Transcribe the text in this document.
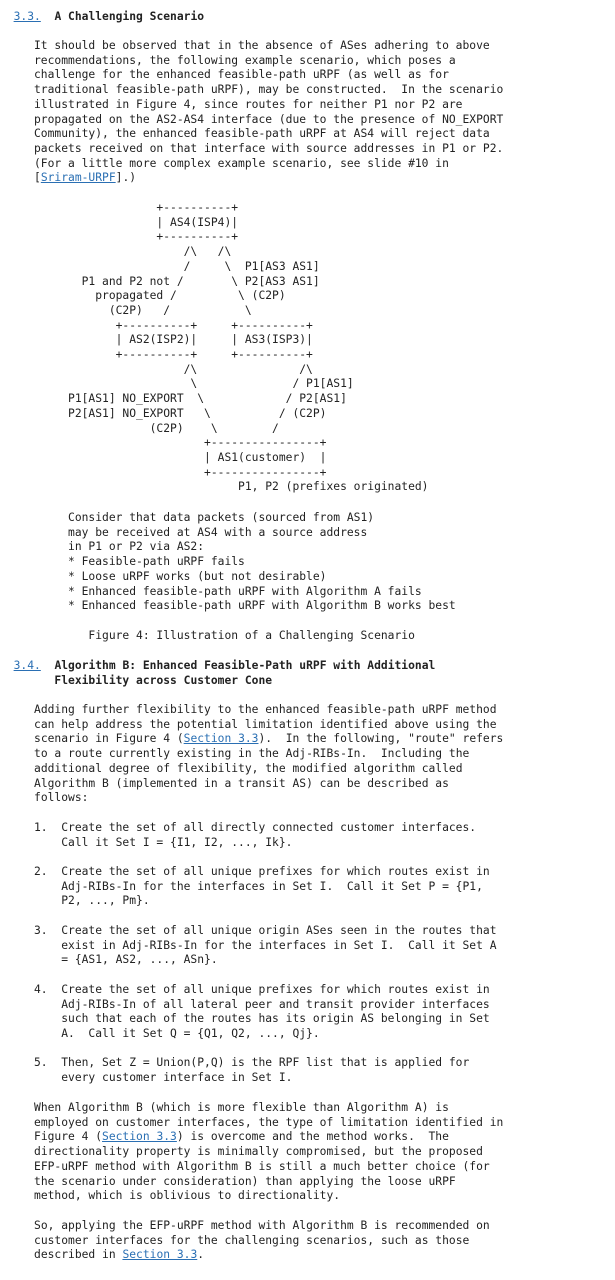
3.3. A Challenging Scenario
It should be observed that in the absence of ASes adhering to above
recommendations, the following example scenario, which poses a
challenge for the enhanced feasible-path uRPF (as well as for
traditional feasible-path uRPF), may be constructed.  In the scenario
illustrated in Figure 4, since routes for neither P1 nor P2 are
propagated on the AS2-AS4 interface (due to the presence of NO_EXPORT
Community), the enhanced feasible-path uRPF at AS4 will reject data
packets received on that interface with source addresses in P1 or P2.
(For a little more complex example scenario, see slide #10 in
[Sriram-URPF].)
+----------+
| AS4(ISP4)|
+----------+
/\   /\
/     \  P1[AS3 AS1]
P1 and P2 not /       \ P2[AS3 AS1]
propagated /         \ (C2P)
(C2P)   /           \
+----------+     +----------+
| AS2(ISP2)|     | AS3(ISP3)|
+----------+     +----------+
/\               /\
\              / P1[AS1]
P1[AS1] NO_EXPORT  \            / P2[AS1]
P2[AS1] NO_EXPORT   \          / (C2P)
(C2P)    \        /
+----------------+
| AS1(customer)  |
+----------------+
P1, P2 (prefixes originated)
Consider that data packets (sourced from AS1)
may be received at AS4 with a source address
in P1 or P2 via AS2:
* Feasible-path uRPF fails
* Loose uRPF works (but not desirable)
* Enhanced feasible-path uRPF with Algorithm A fails
* Enhanced feasible-path uRPF with Algorithm B works best
Figure 4: Illustration of a Challenging Scenario
3.4. Algorithm B: Enhanced Feasible-Path uRPF with Additional
Flexibility across Customer Cone
Adding further flexibility to the enhanced feasible-path uRPF method
can help address the potential limitation identified above using the
scenario in Figure 4 (Section 3.3).  In the following, "route" refers
to a route currently existing in the Adj-RIBs-In.  Including the
additional degree of flexibility, the modified algorithm called
Algorithm B (implemented in a transit AS) can be described as
follows:
1.  Create the set of all directly connected customer interfaces.
Call it Set I = {I1, I2, ..., Ik}.
2.  Create the set of all unique prefixes for which routes exist in
Adj-RIBs-In for the interfaces in Set I.  Call it Set P = {P1,
P2, ..., Pm}.
3.  Create the set of all unique origin ASes seen in the routes that
exist in Adj-RIBs-In for the interfaces in Set I.  Call it Set A
= {AS1, AS2, ..., ASn}.
4.  Create the set of all unique prefixes for which routes exist in
Adj-RIBs-In of all lateral peer and transit provider interfaces
such that each of the routes has its origin AS belonging in Set
A.  Call it Set Q = {Q1, Q2, ..., Qj}.
5.  Then, Set Z = Union(P,Q) is the RPF list that is applied for
every customer interface in Set I.
When Algorithm B (which is more flexible than Algorithm A) is
employed on customer interfaces, the type of limitation identified in
Figure 4 (Section 3.3) is overcome and the method works.  The
directionality property is minimally compromised, but the proposed
EFP-uRPF method with Algorithm B is still a much better choice (for
the scenario under consideration) than applying the loose uRPF
method, which is oblivious to directionality.
So, applying the EFP-uRPF method with Algorithm B is recommended on
customer interfaces for the challenging scenarios, such as those
described in Section 3.3.
